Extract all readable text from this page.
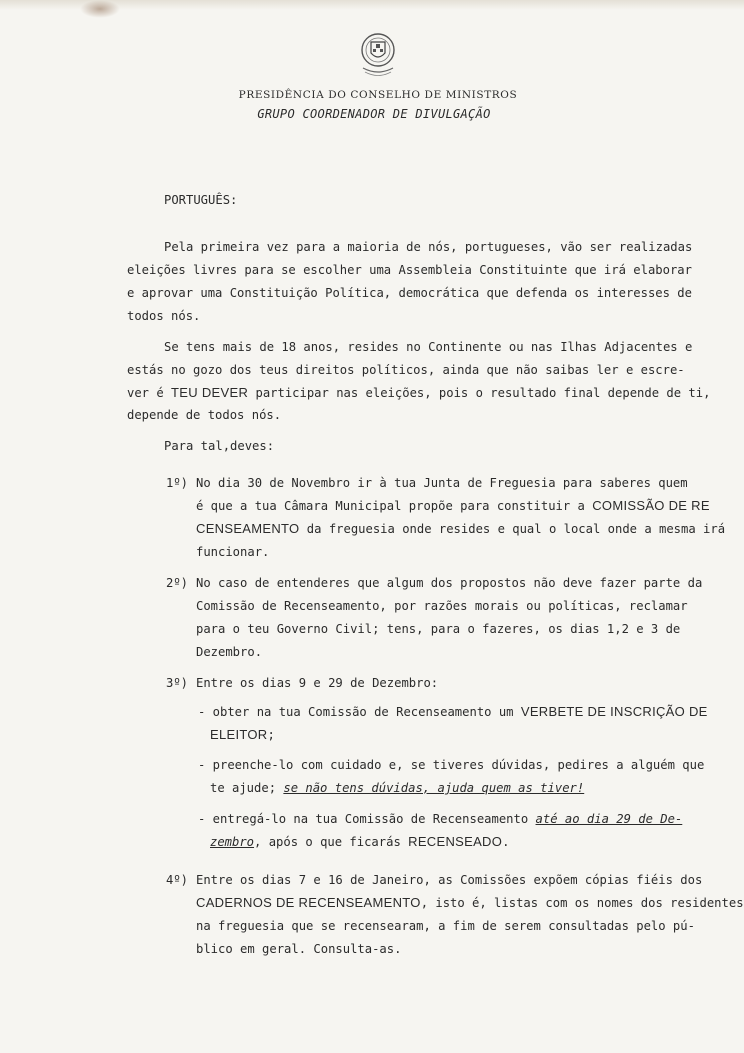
PRESIDÊNCIA DO CONSELHO DE MINISTROS
GRUPO COORDENADOR DE DIVULGAÇÃO
PORTUGUÊS:
Pela primeira vez para a maioria de nós, portugueses, vão ser realizadas
eleições livres para se escolher uma Assembleia Constituinte que irá elaborar
e aprovar uma Constituição Política, democrática que defenda os interesses de
todos nós.
Se tens mais de 18 anos, resides no Continente ou nas Ilhas Adjacentes e
estás no gozo dos teus direitos políticos, ainda que não saibas ler e escre-
ver é TEU DEVER participar nas eleições, pois o resultado final depende de ti,
depende de todos nós.
Para tal,deves:
1º) No dia 30 de Novembro ir à tua Junta de Freguesia para saberes quem
é que a tua Câmara Municipal propõe para constituir a COMISSÃO DE RE
CENSEAMENTO da freguesia onde resides e qual o local onde a mesma irá
funcionar.
2º) No caso de entenderes que algum dos propostos não deve fazer parte da
Comissão de Recenseamento, por razões morais ou políticas, reclamar
para o teu Governo Civil; tens, para o fazeres, os dias 1,2 e 3 de
Dezembro.
3º) Entre os dias 9 e 29 de Dezembro:
- obter na tua Comissão de Recenseamento um VERBETE DE INSCRIÇÃO DE
ELEITOR;
- preenche-lo com cuidado e, se tiveres dúvidas, pedires a alguém que
te ajude; se não tens dúvidas, ajuda quem as tiver!
- entregá-lo na tua Comissão de Recenseamento até ao dia 29 de De-
zembro, após o que ficarás RECENSEADO.
4º) Entre os dias 7 e 16 de Janeiro, as Comissões expõem cópias fiéis dos
CADERNOS DE RECENSEAMENTO, isto é, listas com os nomes dos residentes
na freguesia que se recensearam, a fim de serem consultadas pelo pú-
blico em geral. Consulta-as.
